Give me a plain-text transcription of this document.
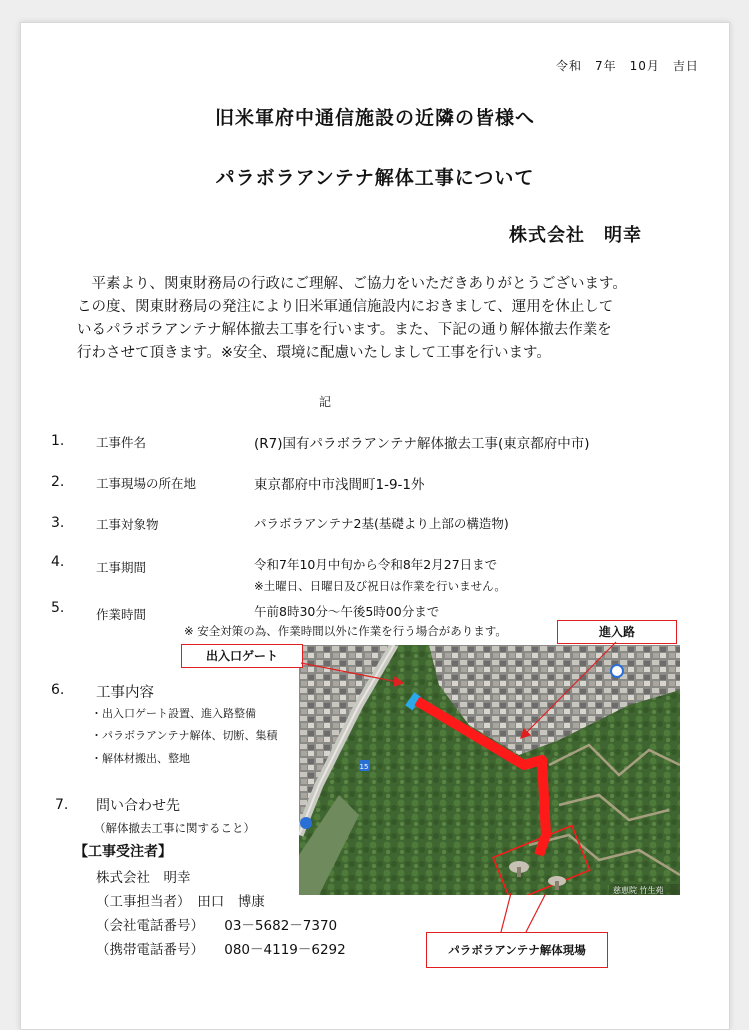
令和　7年　10月　吉日
旧米軍府中通信施設の近隣の皆様へ
パラボラアンテナ解体工事について
株式会社　明幸

　平素より、関東財務局の行政にご理解、ご協力をいただきありがとうございます。

この度、関東財務局の発注により旧米軍通信施設内におきまして、運用を休止して

いるパラボラアンテナ解体撤去工事を行います。また、下記の通り解体撤去作業を

行わさせて頂きます。※安全、環境に配慮いたしまして工事を行います。

記
1.	工事件名	(R7)国有パラボラアンテナ解体撤去工事(東京都府中市)
2.	工事現場の所在地	東京都府中市浅間町1-9-1外
3.	工事対象物	パラボラアンテナ2基(基礎より上部の構造物)
4.	工事期間	令和7年10月中旬から令和8年2月27日まで
※土曜日、日曜日及び祝日は作業を行いません。
5.	作業時間	午前8時30分～午後5時00分まで
※ 安全対策の為、作業時間以外に作業を行う場合があります。
6. 工事内容
・出入口ゲート設置、進入路整備
・パラボラアンテナ解体、切断、集積
・解体材搬出、整地
7. 問い合わせ先
（解体撤去工事に関すること）
【工事受注者】
株式会社　明幸
（工事担当者）　田口　博康
（会社電話番号）　　03－5682－7370
（携帯電話番号）　　080－4119－6292
15
慈恵院 竹生苑
出入口ゲート
進入路
パラボラアンテナ解体現場
